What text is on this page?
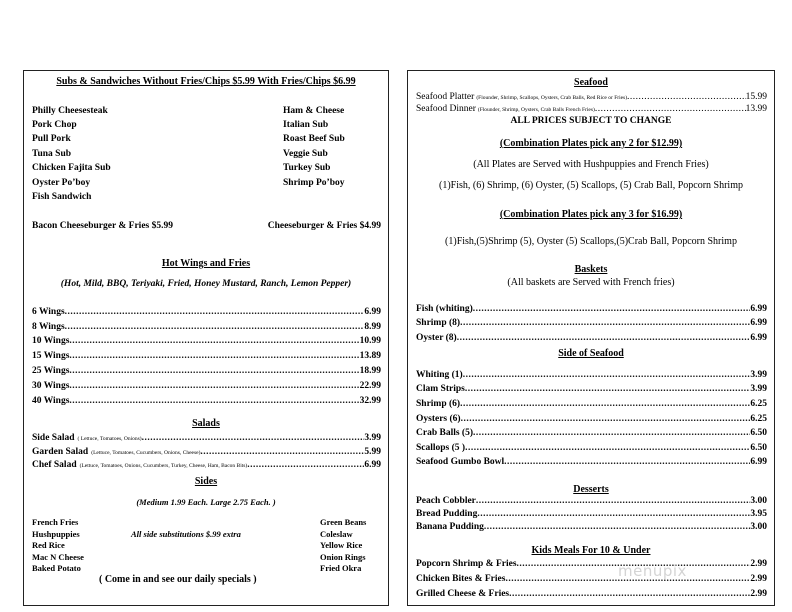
Subs & Sandwiches Without Fries/Chips $5.99 With Fries/Chips $6.99
Philly Cheesesteak
Pork Chop
Pull Pork
Tuna Sub
Chicken Fajita Sub
Oyster Po’boy
Fish Sandwich
Ham & Cheese
Italian Sub
Roast Beef Sub
Veggie Sub
Turkey Sub
Shrimp Po’boy
Bacon Cheeseburger & Fries $5.99	Cheeseburger & Fries $4.99
Hot Wings and Fries
(Hot, Mild, BBQ, Teriyaki, Fried, Honey Mustard, Ranch, Lemon Pepper)
6 Wings .....	6.99
8 Wings .....	8.99
10 Wings .....	10.99
15 Wings .....	13.89
25 Wings .....	18.99
30 Wings .....	22.99
40 Wings .....	32.99
Salads
Side Salad ( Lettuce, Tomatoes, Onions) .....	3.99
Garden Salad (Lettuce, Tomatoes, Cucumbers, Onions, Cheese) .....	5.99
Chef Salad (Lettuce, Tomatoes, Onions, Cucumbers, Turkey, Cheese, Ham, Bacon Bits) .....	6.99
Sides
(Medium 1.99 Each. Large 2.75 Each. )
French Fries
Hushpuppies
Red Rice
Mac N Cheese
Baked Potato
All side substitutions $.99 extra
Green Beans
Coleslaw
Yellow Rice
Onion Rings
Fried Okra
( Come in and see our daily specials )
Seafood
Seafood Platter (Flounder, Shrimp, Scallops, Oysters, Crab Balls, Red Rice or Fries) .....	15.99
Seafood Dinner (Flounder, Shrimp, Oysters, Crab Balls French Fries) .....	13.99
ALL PRICES SUBJECT TO CHANGE
(Combination Plates pick any 2 for $12.99)
(All Plates are Served with Hushpuppies and French Fries)
(1)Fish, (6) Shrimp, (6) Oyster, (5) Scallops, (5) Crab Ball, Popcorn Shrimp
(Combination Plates pick any 3 for $16.99)
(1)Fish,(5)Shrimp (5), Oyster (5) Scallops,(5)Crab Ball, Popcorn Shrimp
Baskets
(All baskets are Served with French fries)
Fish (whiting) .....	6.99
Shrimp (8) .....	6.99
Oyster (8) .....	6.99
Side of Seafood
Whiting (1) .....	3.99
Clam Strips .....	3.99
Shrimp (6) .....	6.25
Oysters (6) .....	6.25
Crab Balls (5) .....	6.50
Scallops (5 ) .....	6.50
Seafood Gumbo Bowl .....	6.99
Desserts
Peach Cobbler .....	3.00
Bread Pudding .....	3.95
Banana Pudding .....	3.00
Kids Meals For 10 & Under
Popcorn Shrimp & Fries .....	2.99
Chicken Bites & Fries .....	2.99
Grilled Cheese & Fries .....	2.99
menupix
